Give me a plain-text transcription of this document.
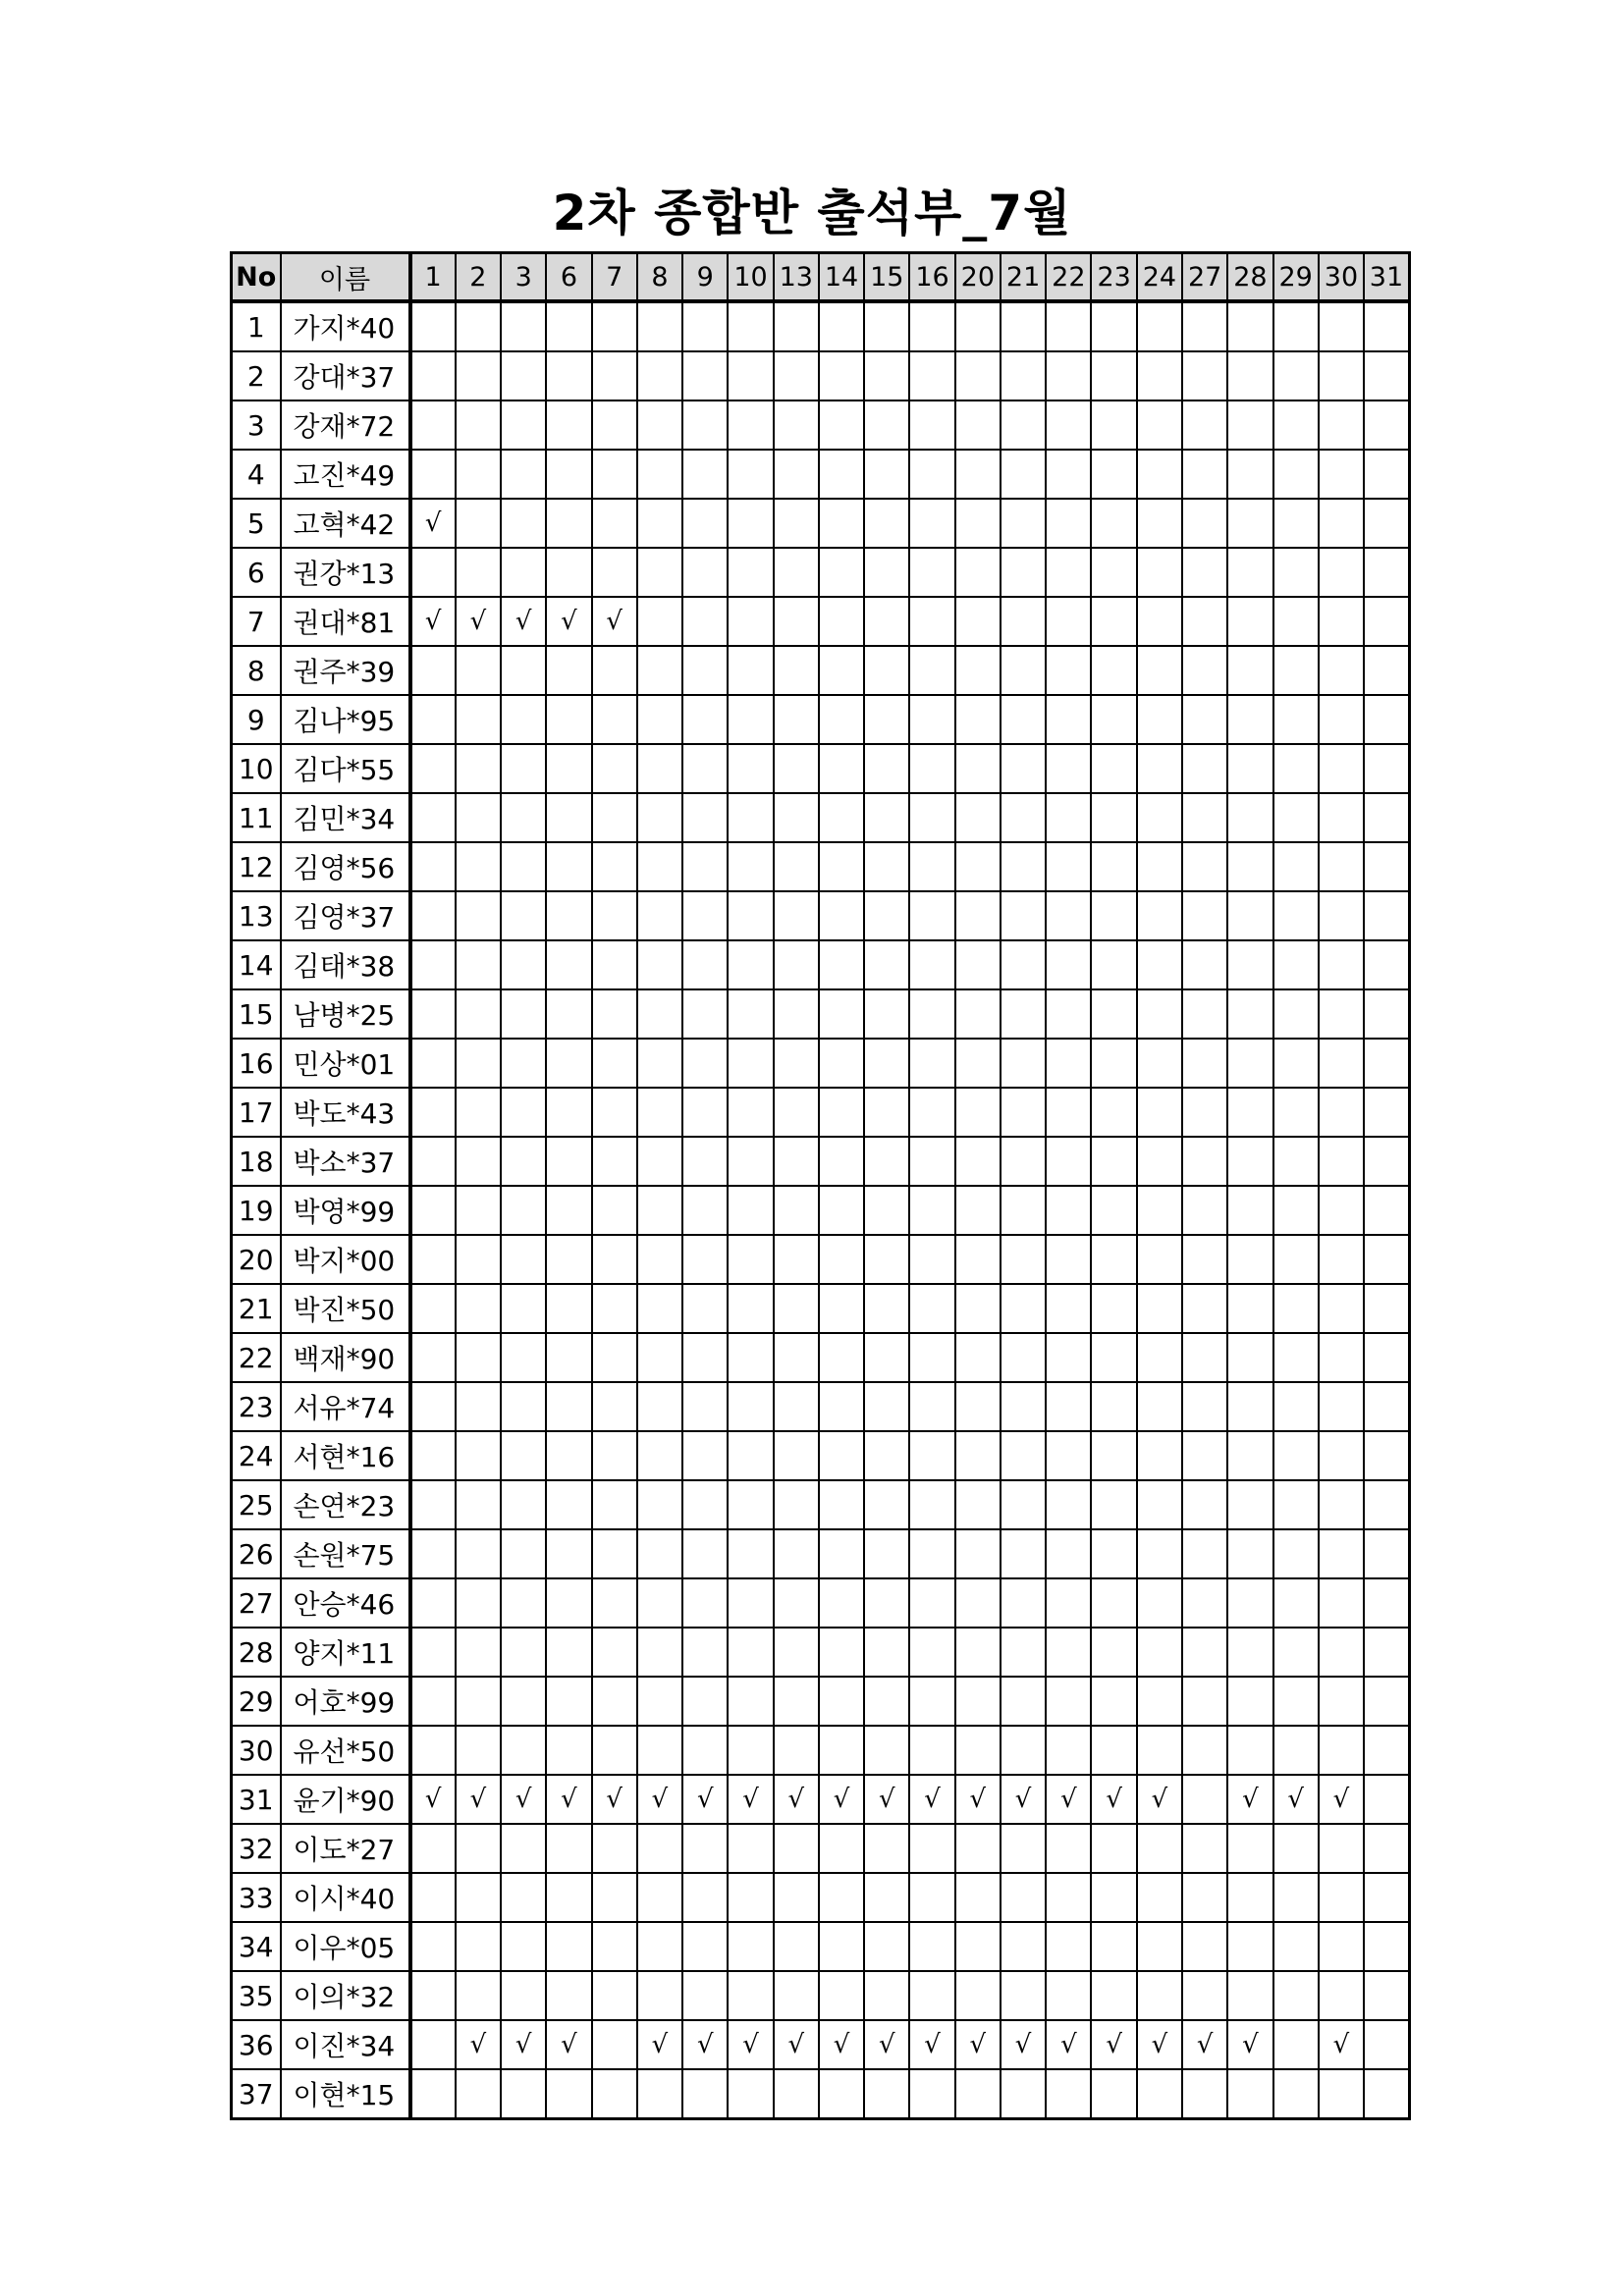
2차 종합반 출석부_7월
No	이름	1	2	3	6	7	8	9	10	13	14	15	16	20	21	22	23	24	27	28	29	30	31
1	가지*40																						
2	강대*37																						
3	강재*72																						
4	고진*49																						
5	고혁*42	√																					
6	권강*13																						
7	권대*81	√	√	√	√	√																	
8	권주*39																						
9	김나*95																						
10	김다*55																						
11	김민*34																						
12	김영*56																						
13	김영*37																						
14	김태*38																						
15	남병*25																						
16	민상*01																						
17	박도*43																						
18	박소*37																						
19	박영*99																						
20	박지*00																						
21	박진*50																						
22	백재*90																						
23	서유*74																						
24	서현*16																						
25	손연*23																						
26	손원*75																						
27	안승*46																						
28	양지*11																						
29	어호*99																						
30	유선*50																						
31	윤기*90	√	√	√	√	√	√	√	√	√	√	√	√	√	√	√	√	√		√	√	√	
32	이도*27																						
33	이시*40																						
34	이우*05																						
35	이의*32																						
36	이진*34		√	√	√		√	√	√	√	√	√	√	√	√	√	√	√	√	√		√	
37	이현*15																						
